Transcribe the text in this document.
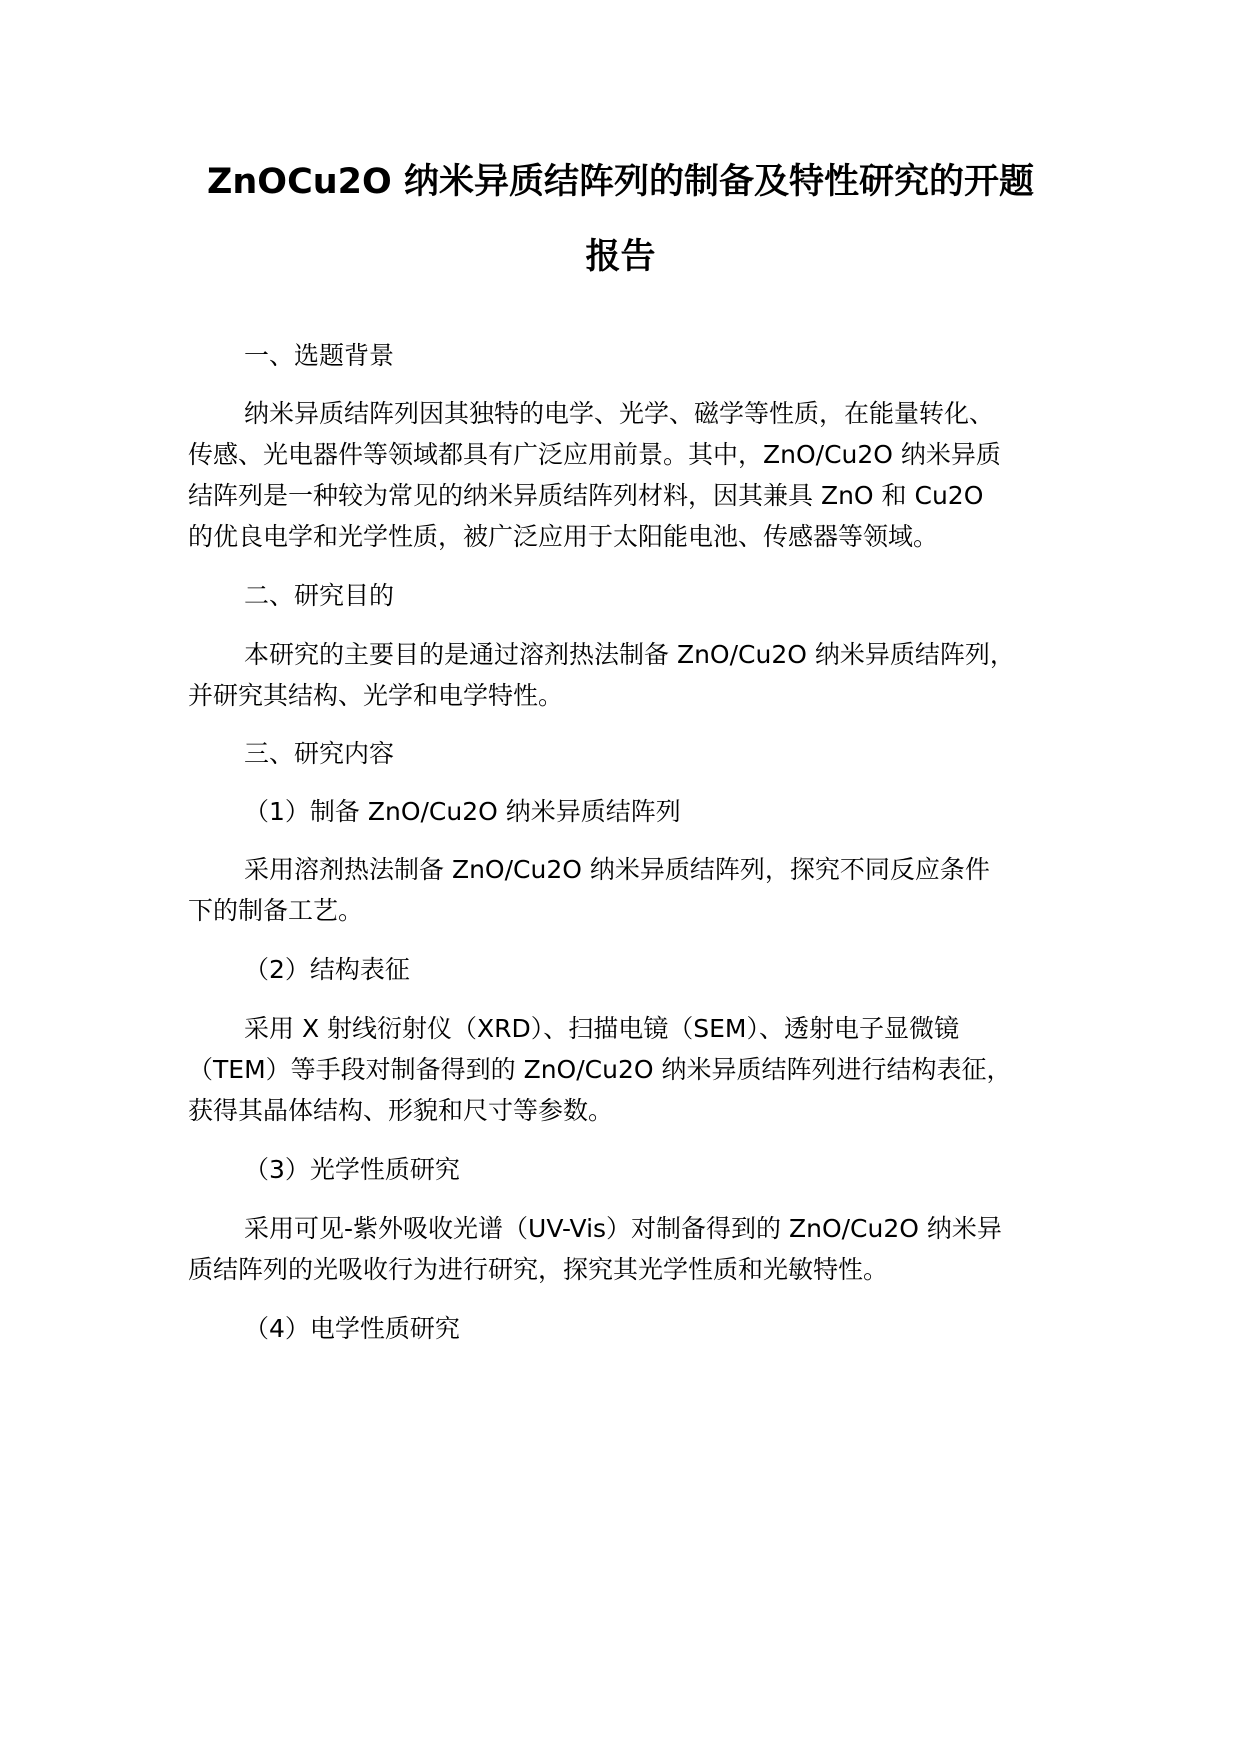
ZnOCu2O 纳米异质结阵列的制备及特性研究的开题
报告
一、选题背景
纳米异质结阵列因其独特的电学、光学、磁学等性质，在能量转化、
传感、光电器件等领域都具有广泛应用前景。其中，ZnO/Cu2O 纳米异质
结阵列是一种较为常见的纳米异质结阵列材料，因其兼具 ZnO 和 Cu2O
的优良电学和光学性质，被广泛应用于太阳能电池、传感器等领域。
二、研究目的
本研究的主要目的是通过溶剂热法制备 ZnO/Cu2O 纳米异质结阵列，
并研究其结构、光学和电学特性。
三、研究内容
（1）制备 ZnO/Cu2O 纳米异质结阵列
采用溶剂热法制备 ZnO/Cu2O 纳米异质结阵列，探究不同反应条件
下的制备工艺。
（2）结构表征
采用 X 射线衍射仪（XRD）、扫描电镜（SEM）、透射电子显微镜
（TEM）等手段对制备得到的 ZnO/Cu2O 纳米异质结阵列进行结构表征，
获得其晶体结构、形貌和尺寸等参数。
（3）光学性质研究
采用可见-紫外吸收光谱（UV-Vis）对制备得到的 ZnO/Cu2O 纳米异
质结阵列的光吸收行为进行研究，探究其光学性质和光敏特性。
（4）电学性质研究
